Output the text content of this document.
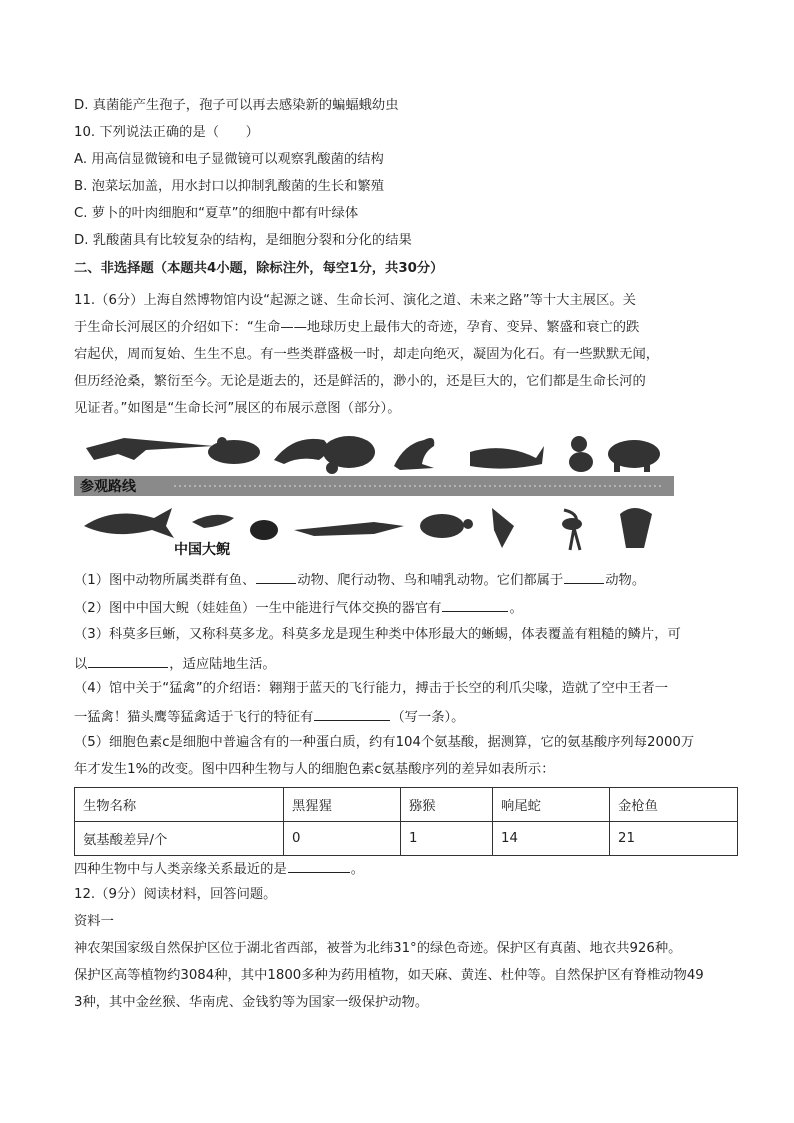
D. 真菌能产生孢子，孢子可以再去感染新的蝙蝠蛾幼虫
10. 下列说法正确的是（　　）
A. 用高信显微镜和电子显微镜可以观察乳酸菌的结构
B. 泡菜坛加盖，用水封口以抑制乳酸菌的生长和繁殖
C. 萝卜的叶肉细胞和“夏草”的细胞中都有叶绿体
D. 乳酸菌具有比较复杂的结构，是细胞分裂和分化的结果
二、非选择题（本题共4小题，除标注外，每空1分，共30分）
11.（6分）上海自然博物馆内设“起源之谜、生命长河、演化之道、未来之路”等十大主展区。关
于生命长河展区的介绍如下：“生命——地球历史上最伟大的奇迹，孕育、变异、繁盛和衰亡的跌
宕起伏，周而复始、生生不息。有一些类群盛极一时，却走向绝灭，凝固为化石。有一些默默无闻，
但历经沧桑，繁衍至今。无论是逝去的，还是鲜活的，渺小的，还是巨大的，它们都是生命长河的
见证者。”如图是“生命长河”展区的布展示意图（部分）。
参观路线
中国大鲵
（1）图中动物所属类群有鱼、	动物、爬行动物、鸟和哺乳动物。它们都属于	动物。
（2）图中中国大鲵（娃娃鱼）一生中能进行气体交换的器官有	。
（3）科莫多巨蜥，又称科莫多龙。科莫多龙是现生种类中体形最大的蜥蜴，体表覆盖有粗糙的鳞片，可
以	，适应陆地生活。
（4）馆中关于“猛禽”的介绍语：翱翔于蓝天的飞行能力，搏击于长空的利爪尖喙，造就了空中王者一
一猛禽！猫头鹰等猛禽适于飞行的特征有	（写一条）。
（5）细胞色素c是细胞中普遍含有的一种蛋白质，约有104个氨基酸，据测算，它的氨基酸序列每2000万
年才发生1%的改变。图中四种生物与人的细胞色素c氨基酸序列的差异如表所示：
生物名称	黑猩猩	猕猴	响尾蛇	金枪鱼
氨基酸差异/个	0	1	14	21
四种生物中与人类亲缘关系最近的是	。
12.（9分）阅读材料，回答问题。
资料一
神农架国家级自然保护区位于湖北省西部，被誉为北纬31°的绿色奇迹。保护区有真菌、地衣共926种。
保护区高等植物约3084种，其中1800多种为药用植物，如天麻、黄连、杜仲等。自然保护区有脊椎动物49
3种，其中金丝猴、华南虎、金钱豹等为国家一级保护动物。
